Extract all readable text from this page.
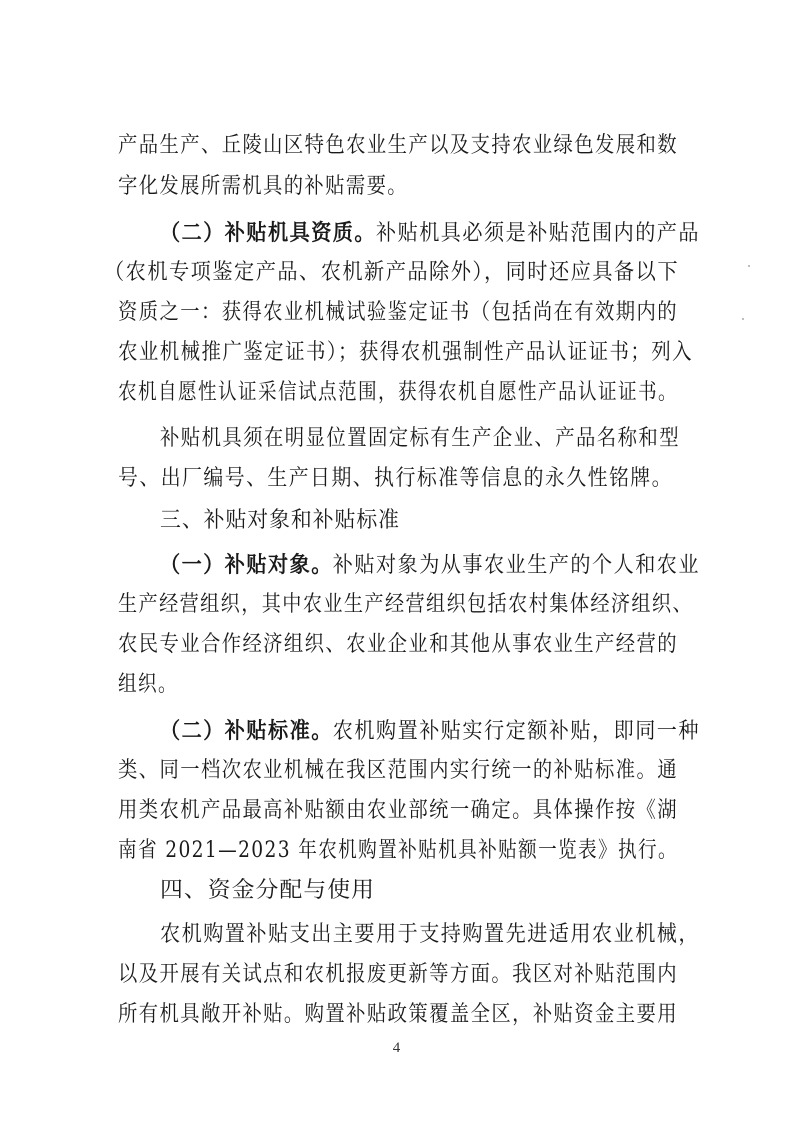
产品生产、丘陵山区特色农业生产以及支持农业绿色发展和数
字化发展所需机具的补贴需要。
（二）补贴机具资质。补贴机具必须是补贴范围内的产品
（农机专项鉴定产品、农机新产品除外），同时还应具备以下
资质之一：获得农业机械试验鉴定证书（包括尚在有效期内的
农业机械推广鉴定证书）；获得农机强制性产品认证证书；列入
农机自愿性认证采信试点范围，获得农机自愿性产品认证证书。
补贴机具须在明显位置固定标有生产企业、产品名称和型
号、出厂编号、生产日期、执行标准等信息的永久性铭牌。
三、补贴对象和补贴标准
（一）补贴对象。补贴对象为从事农业生产的个人和农业
生产经营组织，其中农业生产经营组织包括农村集体经济组织、
农民专业合作经济组织、农业企业和其他从事农业生产经营的
组织。
（二）补贴标准。农机购置补贴实行定额补贴，即同一种
类、同一档次农业机械在我区范围内实行统一的补贴标准。通
用类农机产品最高补贴额由农业部统一确定。具体操作按《湖
南省 2021—2023 年农机购置补贴机具补贴额一览表》执行。
四、资金分配与使用
农机购置补贴支出主要用于支持购置先进适用农业机械，
以及开展有关试点和农机报废更新等方面。我区对补贴范围内
所有机具敞开补贴。购置补贴政策覆盖全区，补贴资金主要用
4
